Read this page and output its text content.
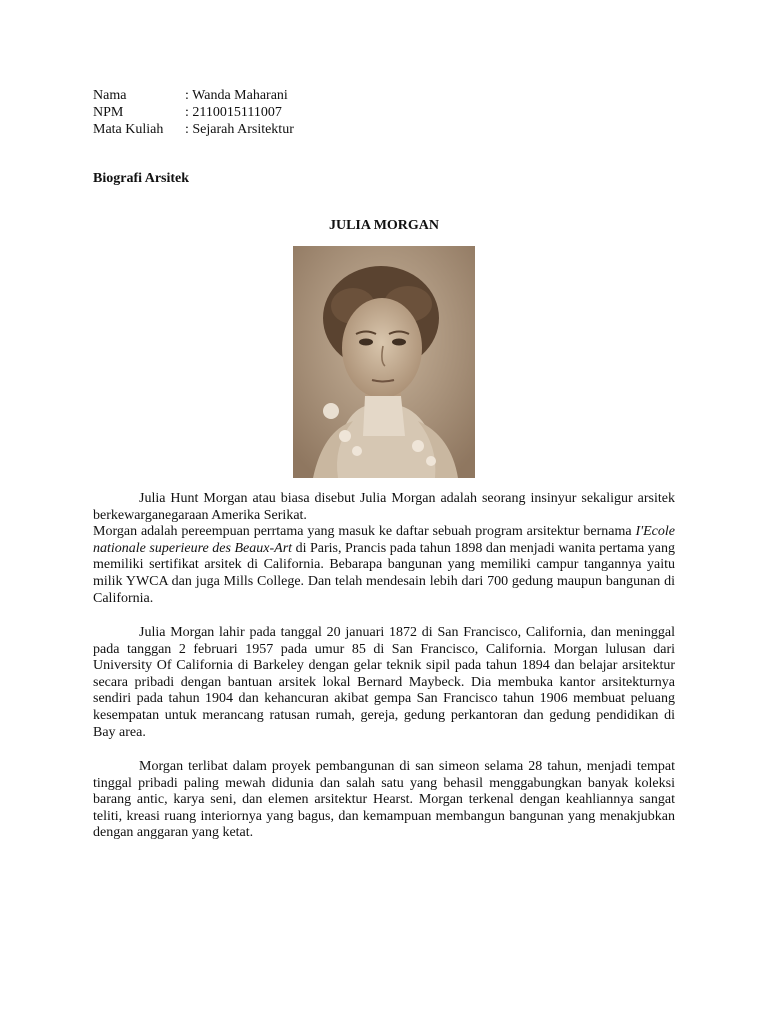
Nama	: Wanda Maharani
NPM	: 2110015111007
Mata Kuliah	: Sejarah Arsitektur
Biografi Arsitek
JULIA MORGAN
Julia Hunt Morgan atau biasa disebut Julia Morgan adalah seorang insinyur sekaligur arsitek berkewarganegaraan Amerika Serikat.
Morgan adalah pereempuan perrtama yang masuk ke daftar sebuah program arsitektur bernama I'Ecole nationale superieure des Beaux-Art di Paris, Prancis pada tahun 1898 dan menjadi wanita pertama yang memiliki sertifikat arsitek di California. Bebarapa bangunan yang memiliki campur tangannya yaitu milik YWCA dan juga Mills College. Dan telah mendesain lebih dari 700 gedung maupun bangunan di California.
Julia Morgan lahir pada tanggal 20 januari 1872 di San Francisco, California, dan meninggal pada tanggan 2 februari 1957 pada umur 85 di San Francisco, California. Morgan lulusan dari University Of California di Barkeley dengan gelar teknik sipil pada tahun 1894 dan belajar arsitektur secara pribadi dengan bantuan arsitek lokal Bernard Maybeck. Dia membuka kantor arsitekturnya sendiri pada tahun 1904 dan kehancuran akibat gempa San Francisco tahun 1906 membuat peluang kesempatan untuk merancang ratusan rumah, gereja, gedung perkantoran dan gedung pendidikan di Bay area.
Morgan terlibat dalam proyek pembangunan di san simeon selama 28 tahun, menjadi tempat tinggal pribadi paling mewah didunia dan salah satu yang behasil menggabungkan banyak koleksi barang antic, karya seni, dan elemen arsitektur Hearst. Morgan terkenal dengan keahliannya sangat teliti, kreasi ruang interiornya yang bagus, dan kemampuan membangun bangunan yang menakjubkan dengan anggaran yang ketat.
